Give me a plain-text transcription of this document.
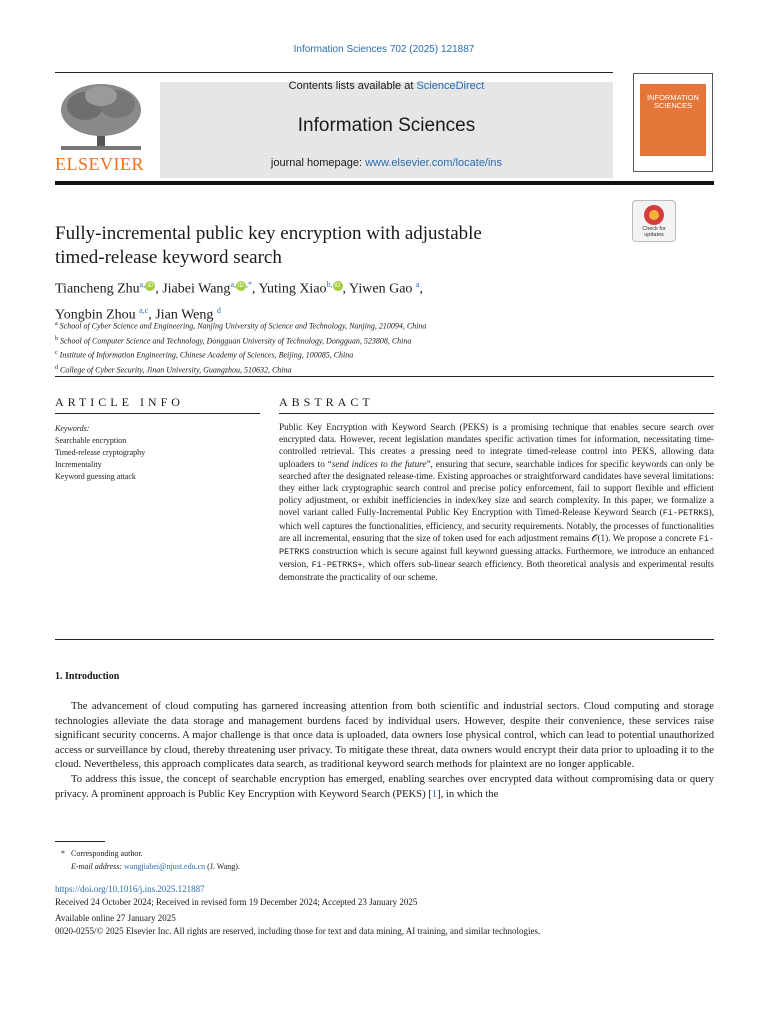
Information Sciences 702 (2025) 121887
ELSEVIER
Contents lists available at ScienceDirect
Information Sciences
journal homepage: www.elsevier.com/locate/ins
INFORMATION SCIENCES
Fully-incremental public key encryption with adjustable
timed-release keyword search
Check for updates
Tiancheng Zhu$^{a,}$ iD , Jiabei Wang$^{a,}$ iD ,*, Yuting Xiao$^{b,}$ iD , Yiwen Gao $^a$,
Yongbin Zhou $^{a,c}$, Jian Weng $^d$
$^a$ School of Cyber Science and Engineering, Nanjing University of Science and Technology, Nanjing, 210094, China
$^b$ School of Computer Science and Technology, Dongguan University of Technology, Dongguan, 523808, China
$^c$ Institute of Information Engineering, Chinese Academy of Sciences, Beijing, 100085, China
$^d$ College of Cyber Security, Jinan University, Guangzhou, 510632, China
ARTICLE INFO	ABSTRACT
Keywords:
Searchable encryption
Timed-release cryptography
Incrementality
Keyword guessing attack
Public Key Encryption with Keyword Search (PEKS) is a promising technique that enables secure search over encrypted data. However, recent legislation mandates specific activation times for information, necessitating time-controlled retrieval. This creates a pressing need to integrate timed-release control into PEKS, allowing data uploaders to “send indices to the future”, ensuring that secure, searchable indices for specific keywords can only be searched after the designated release-time. Existing approaches or straightforward candidates have several limitations: they either lack cryptographic search control and precise policy enforcement, fail to support flexible and efficient policy adjustment, or exhibit inefficiencies in index/key size and search complexity. In this paper, we formalize a novel variant called Fully-Incremental Public Key Encryption with Timed-Release Keyword Search (Fi-PETRKS), which well captures the functionalities, efficiency, and security requirements. Notably, the processes of functionalities are all incremental, ensuring that the size of token used for each adjustment remains 𝒪(1). We propose a concrete Fi-PETRKS construction which is secure against full keyword guessing attacks. Furthermore, we introduce an enhanced version, Fi-PETRKS+, which offers sub-linear search efficiency. Both theoretical analysis and experimental results demonstrate the practicality of our scheme.
1. Introduction

The advancement of cloud computing has garnered increasing attention from both scientific and industrial sectors. Cloud computing and storage technologies alleviate the data storage and management burdens faced by individual users. However, despite their convenience, these services raise significant security concerns. A major challenge is that once data is uploaded, data owners lose physical control, which can lead to potential unauthorized access or surveillance by cloud, thereby threatening user privacy. To mitigate these threat, data owners would encrypt their data prior to uploading it to the cloud. Nevertheless, this approach complicates data search, as traditional keyword search methods for plaintext are no longer applicable.

To address this issue, the concept of searchable encryption has emerged, enabling searches over encrypted data without compromising data or query privacy. A prominent approach is Public Key Encryption with Keyword Search (PEKS) [1], in which the

* Corresponding author.
E-mail address: wangjiabei@njust.edu.cn (J. Wang).
https://doi.org/10.1016/j.ins.2025.121887
Received 24 October 2024; Received in revised form 19 December 2024; Accepted 23 January 2025
Available online 27 January 2025
0020-0255/© 2025 Elsevier Inc. All rights are reserved, including those for text and data mining, AI training, and similar technologies.
